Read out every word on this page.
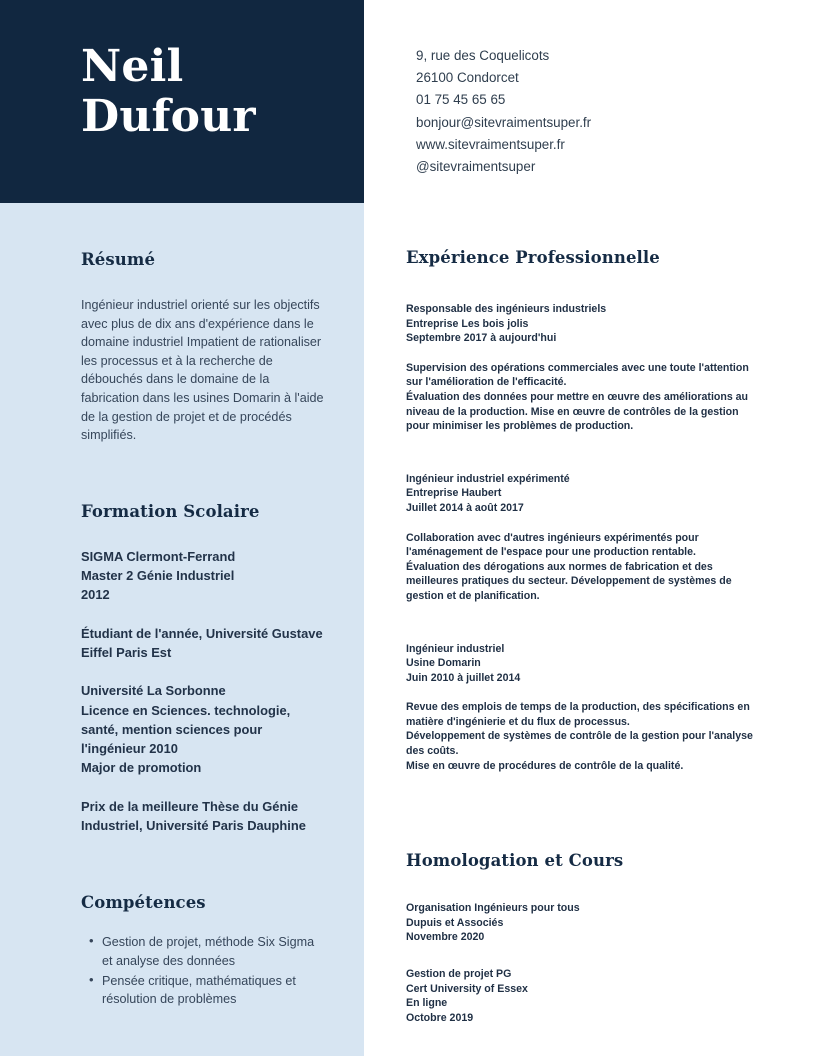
Neil
Dufour
Résumé
Ingénieur industriel orienté sur les objectifs avec plus de dix ans d'expérience dans le domaine industriel Impatient de rationaliser les processus et à la recherche de débouchés dans le domaine de la fabrication dans les usines Domarin à l'aide de la gestion de projet et de procédés simplifiés.
Formation Scolaire
SIGMA Clermont-Ferrand
Master 2 Génie Industriel
2012
Étudiant de l'année, Université Gustave Eiffel Paris Est
Université La Sorbonne
Licence en Sciences. technologie, santé, mention sciences pour l'ingénieur 2010
Major de promotion
Prix de la meilleure Thèse du Génie Industriel, Université Paris Dauphine
Compétences
• Gestion de projet, méthode Six Sigma et analyse des données
• Pensée critique, mathématiques et résolution de problèmes
9, rue des Coquelicots
26100 Condorcet
01 75 45 65 65
bonjour@sitevraimentsuper.fr
www.sitevraimentsuper.fr
@sitevraimentsuper
Expérience Professionnelle
Responsable des ingénieurs industriels
Entreprise Les bois jolis
Septembre 2017 à aujourd'hui
Supervision des opérations commerciales avec une toute l'attention sur l'amélioration de l'efficacité.
Évaluation des données pour mettre en œuvre des améliorations au niveau de la production. Mise en œuvre de contrôles de la gestion pour minimiser les problèmes de production.
Ingénieur industriel expérimenté
Entreprise Haubert
Juillet 2014 à août 2017
Collaboration avec d'autres ingénieurs expérimentés pour l'aménagement de l'espace pour une production rentable.
Évaluation des dérogations aux normes de fabrication et des meilleures pratiques du secteur. Développement de systèmes de gestion et de planification.
Ingénieur industriel
Usine Domarin
Juin 2010 à juillet 2014
Revue des emplois de temps de la production, des spécifications en matière d'ingénierie et du flux de processus.
Développement de systèmes de contrôle de la gestion pour l'analyse des coûts.
Mise en œuvre de procédures de contrôle de la qualité.
Homologation et Cours
Organisation Ingénieurs pour tous
Dupuis et Associés
Novembre 2020
Gestion de projet PG
Cert University of Essex
En ligne
Octobre 2019
